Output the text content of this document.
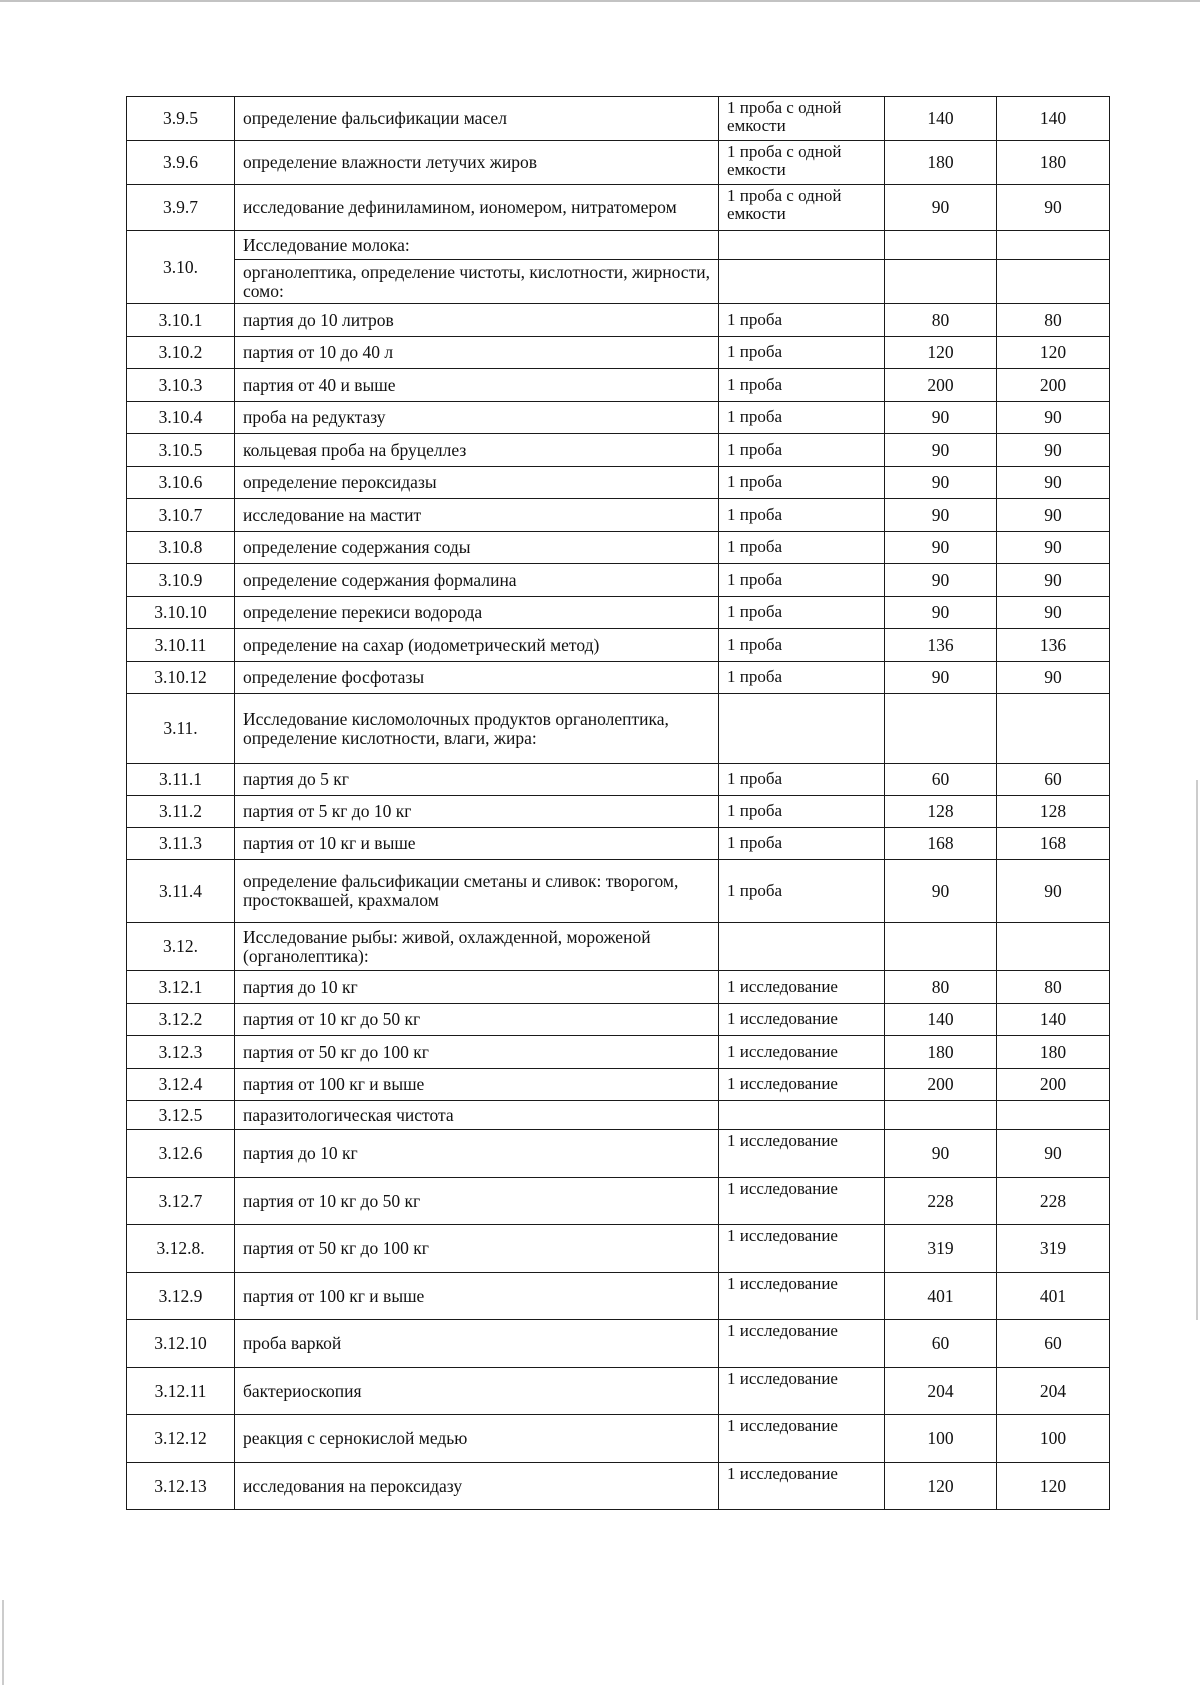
3.9.5	определение фальсификации масел	1 проба с одной емкости	140	140
3.9.6	определение влажности летучих жиров	1 проба с одной емкости	180	180
3.9.7	исследование дефиниламином, иономером, нитратомером	1 проба с одной емкости	90	90
3.10.	Исследование молока:			
	органолептика, определение чистоты, кислотности, жирности, сомо:			
3.10.1	партия до 10 литров	1 проба	80	80
3.10.2	партия от 10 до 40 л	1 проба	120	120
3.10.3	партия от 40 и выше	1 проба	200	200
3.10.4	проба на редуктазу	1 проба	90	90
3.10.5	кольцевая проба на бруцеллез	1 проба	90	90
3.10.6	определение пероксидазы	1 проба	90	90
3.10.7	исследование на мастит	1 проба	90	90
3.10.8	определение содержания соды	1 проба	90	90
3.10.9	определение содержания формалина	1 проба	90	90
3.10.10	определение перекиси водорода	1 проба	90	90
3.10.11	определение на сахар (иодометрический метод)	1 проба	136	136
3.10.12	определение фосфотазы	1 проба	90	90
3.11.	Исследование кисломолочных продуктов органолептика, определение кислотности, влаги, жира:			
3.11.1	партия до 5 кг	1 проба	60	60
3.11.2	партия от 5 кг до 10 кг	1 проба	128	128
3.11.3	партия от 10 кг и выше	1 проба	168	168
3.11.4	определение фальсификации сметаны и сливок: творогом, простоквашей, крахмалом	1 проба	90	90
3.12.	Исследование рыбы: живой, охлажденной, мороженой (органолептика):			
3.12.1	партия до 10 кг	1 исследование	80	80
3.12.2	партия от 10 кг до 50 кг	1 исследование	140	140
3.12.3	партия от 50 кг до 100 кг	1 исследование	180	180
3.12.4	партия от 100 кг и выше	1 исследование	200	200
3.12.5	паразитологическая чистота			
3.12.6	партия до 10 кг	1 исследование	90	90
3.12.7	партия от 10 кг до 50 кг	1 исследование	228	228
3.12.8.	партия от 50 кг до 100 кг	1 исследование	319	319
3.12.9	партия от 100 кг и выше	1 исследование	401	401
3.12.10	проба варкой	1 исследование	60	60
3.12.11	бактериоскопия	1 исследование	204	204
3.12.12	реакция с сернокислой медью	1 исследование	100	100
3.12.13	исследования на пероксидазу	1 исследование	120	120
